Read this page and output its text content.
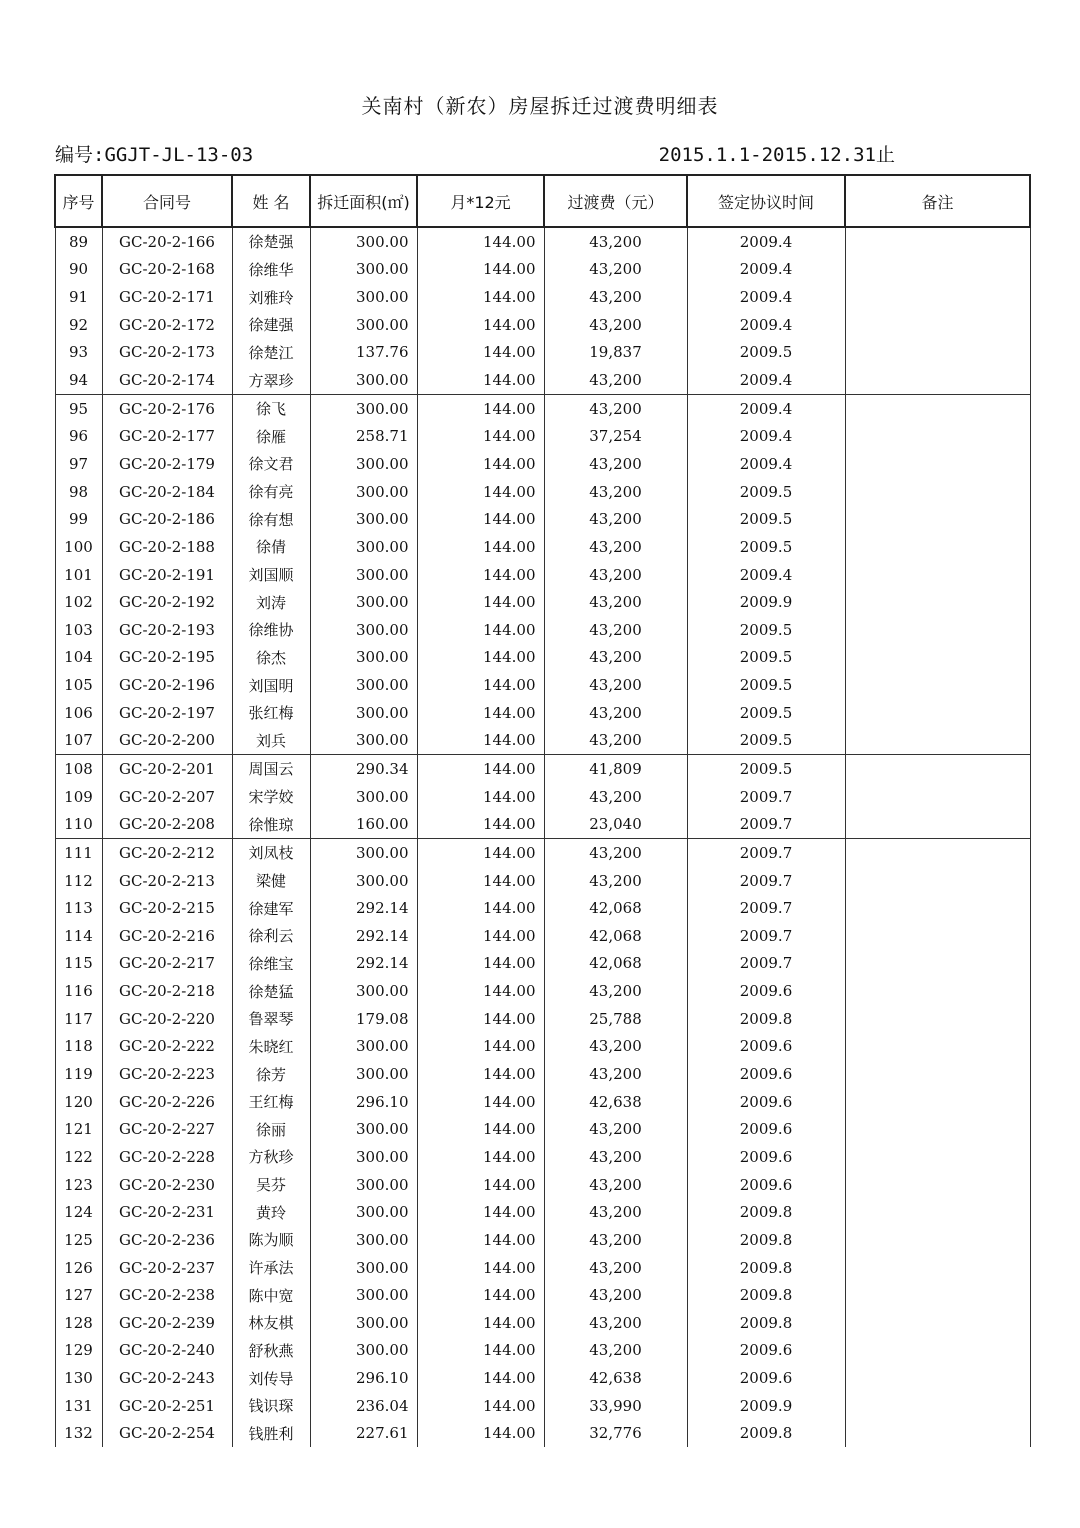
关南村（新农）房屋拆迁过渡费明细表
编号:GGJT-JL-13-03	2015.1.1-2015.12.31止
序号	合同号	姓 名	拆迁面积(㎡)	月*12元	过渡费（元）	签定协议时间	备注
89	GC-20-2-166	徐楚强	300.00	144.00	43,200	2009.4	
90	GC-20-2-168	徐维华	300.00	144.00	43,200	2009.4	
91	GC-20-2-171	刘雅玲	300.00	144.00	43,200	2009.4	
92	GC-20-2-172	徐建强	300.00	144.00	43,200	2009.4	
93	GC-20-2-173	徐楚江	137.76	144.00	19,837	2009.5	
94	GC-20-2-174	方翠珍	300.00	144.00	43,200	2009.4	
95	GC-20-2-176	徐飞	300.00	144.00	43,200	2009.4	
96	GC-20-2-177	徐雁	258.71	144.00	37,254	2009.4	
97	GC-20-2-179	徐文君	300.00	144.00	43,200	2009.4	
98	GC-20-2-184	徐有亮	300.00	144.00	43,200	2009.5	
99	GC-20-2-186	徐有想	300.00	144.00	43,200	2009.5	
100	GC-20-2-188	徐倩	300.00	144.00	43,200	2009.5	
101	GC-20-2-191	刘国顺	300.00	144.00	43,200	2009.4	
102	GC-20-2-192	刘涛	300.00	144.00	43,200	2009.9	
103	GC-20-2-193	徐维协	300.00	144.00	43,200	2009.5	
104	GC-20-2-195	徐杰	300.00	144.00	43,200	2009.5	
105	GC-20-2-196	刘国明	300.00	144.00	43,200	2009.5	
106	GC-20-2-197	张红梅	300.00	144.00	43,200	2009.5	
107	GC-20-2-200	刘兵	300.00	144.00	43,200	2009.5	
108	GC-20-2-201	周国云	290.34	144.00	41,809	2009.5	
109	GC-20-2-207	宋学姣	300.00	144.00	43,200	2009.7	
110	GC-20-2-208	徐惟琼	160.00	144.00	23,040	2009.7	
111	GC-20-2-212	刘凤枝	300.00	144.00	43,200	2009.7	
112	GC-20-2-213	梁健	300.00	144.00	43,200	2009.7	
113	GC-20-2-215	徐建军	292.14	144.00	42,068	2009.7	
114	GC-20-2-216	徐利云	292.14	144.00	42,068	2009.7	
115	GC-20-2-217	徐维宝	292.14	144.00	42,068	2009.7	
116	GC-20-2-218	徐楚猛	300.00	144.00	43,200	2009.6	
117	GC-20-2-220	鲁翠琴	179.08	144.00	25,788	2009.8	
118	GC-20-2-222	朱晓红	300.00	144.00	43,200	2009.6	
119	GC-20-2-223	徐芳	300.00	144.00	43,200	2009.6	
120	GC-20-2-226	王红梅	296.10	144.00	42,638	2009.6	
121	GC-20-2-227	徐丽	300.00	144.00	43,200	2009.6	
122	GC-20-2-228	方秋珍	300.00	144.00	43,200	2009.6	
123	GC-20-2-230	吴芬	300.00	144.00	43,200	2009.6	
124	GC-20-2-231	黄玲	300.00	144.00	43,200	2009.8	
125	GC-20-2-236	陈为顺	300.00	144.00	43,200	2009.8	
126	GC-20-2-237	许承法	300.00	144.00	43,200	2009.8	
127	GC-20-2-238	陈中宽	300.00	144.00	43,200	2009.8	
128	GC-20-2-239	林友棋	300.00	144.00	43,200	2009.8	
129	GC-20-2-240	舒秋燕	300.00	144.00	43,200	2009.6	
130	GC-20-2-243	刘传导	296.10	144.00	42,638	2009.6	
131	GC-20-2-251	钱识琛	236.04	144.00	33,990	2009.9	
132	GC-20-2-254	钱胜利	227.61	144.00	32,776	2009.8	
